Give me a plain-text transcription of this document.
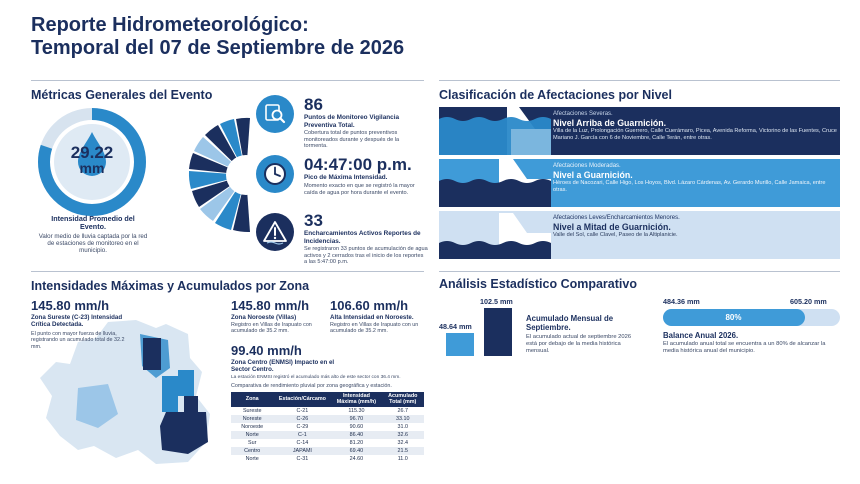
Reporte Hidrometeorológico:
Temporal del 07 de Septiembre de 2026
Métricas Generales del Evento
29.22
mm
Intensidad Promedio del Evento.
Valor medio de lluvia captada por la red de estaciones de monitoreo en el municipio.
86
Puntos de Monitoreo Vigilancia Preventiva Total.
Cobertura total de puntos preventivos monitoreados durante y después de la tormenta.
04:47:00 p.m.
Pico de Máxima Intensidad.
Momento exacto en que se registró la mayor caída de agua por hora durante el evento.
33
Encharcamientos Activos Reportes de Incidencias.
Se registraron 33 puntos de acumulación de agua activos y 2 cerrados tras el inicio de los reportes a las 5:47:00 p.m.
Clasificación de Afectaciones por Nivel
Afectaciones Severas.
Nivel Arriba de Guarnición.
Villa de la Luz, Prolongación Guerrero, Calle Cuerámaro, Picea, Avenida Reforma, Victorino de las Fuentes, Cruce Mariano J. García con 6 de Noviembre, Calle Terán, entre otras.
Afectaciones Moderadas.
Nivel a Guarnición.
Héroes de Nacozari, Calle Higo, Los Hoyos, Blvd. Lázaro Cárdenas, Av. Gerardo Murillo, Calle Jamaica, entre otras.
Afectaciones Leves/Encharcamientos Menores.
Nivel a Mitad de Guarnición.
Valle del Sol, calle Clavel, Paseo de la Altiplanicie.
Intensidades Máximas y Acumulados por Zona
145.80 mm/h
Zona Sureste (C-23) Intensidad Crítica Detectada.
El punto con mayor fuerza de lluvia, registrando un acumulado total de 32.2 mm.
145.80 mm/h
Zona Noroeste (Villas)
Registro en Villas de Irapuato con acumulado de 35.2 mm.
106.60 mm/h
Alta Intensidad en Noroeste.
Registro en Villas de Irapuato con un acumulado de 35.2 mm.
99.40 mm/h
Zona Centro (ENMSI) Impacto en el Sector Centro.
La estación ENMSI registró el acumulado más alto de este sector con 36.4 mm.
Comparativa de rendimiento pluvial por zona geográfica y estación.
Zona	Estación/Cárcamo	Intensidad Máxima (mm/h)	Acumulado Total (mm)
Sureste	C-21	115.30	26.7
Noreste	C-26	96.70	33.10
Noroeste	C-29	90.60	31.0
Norte	C-1	86.40	32.6
Sur	C-14	81.20	32.4
Centro	JAPAMI	69.40	21.5
Norte	C-31	24.60	11.0
Análisis Estadístico Comparativo
48.64 mm
102.5 mm
Acumulado Mensual de Septiembre.
El acumulado actual de septiembre 2026 está por debajo de la media histórica mensual.
484.36 mm	605.20 mm
80%
Balance Anual 2026.
El acumulado anual total se encuentra a un 80% de alcanzar la media histórica anual del municipio.
